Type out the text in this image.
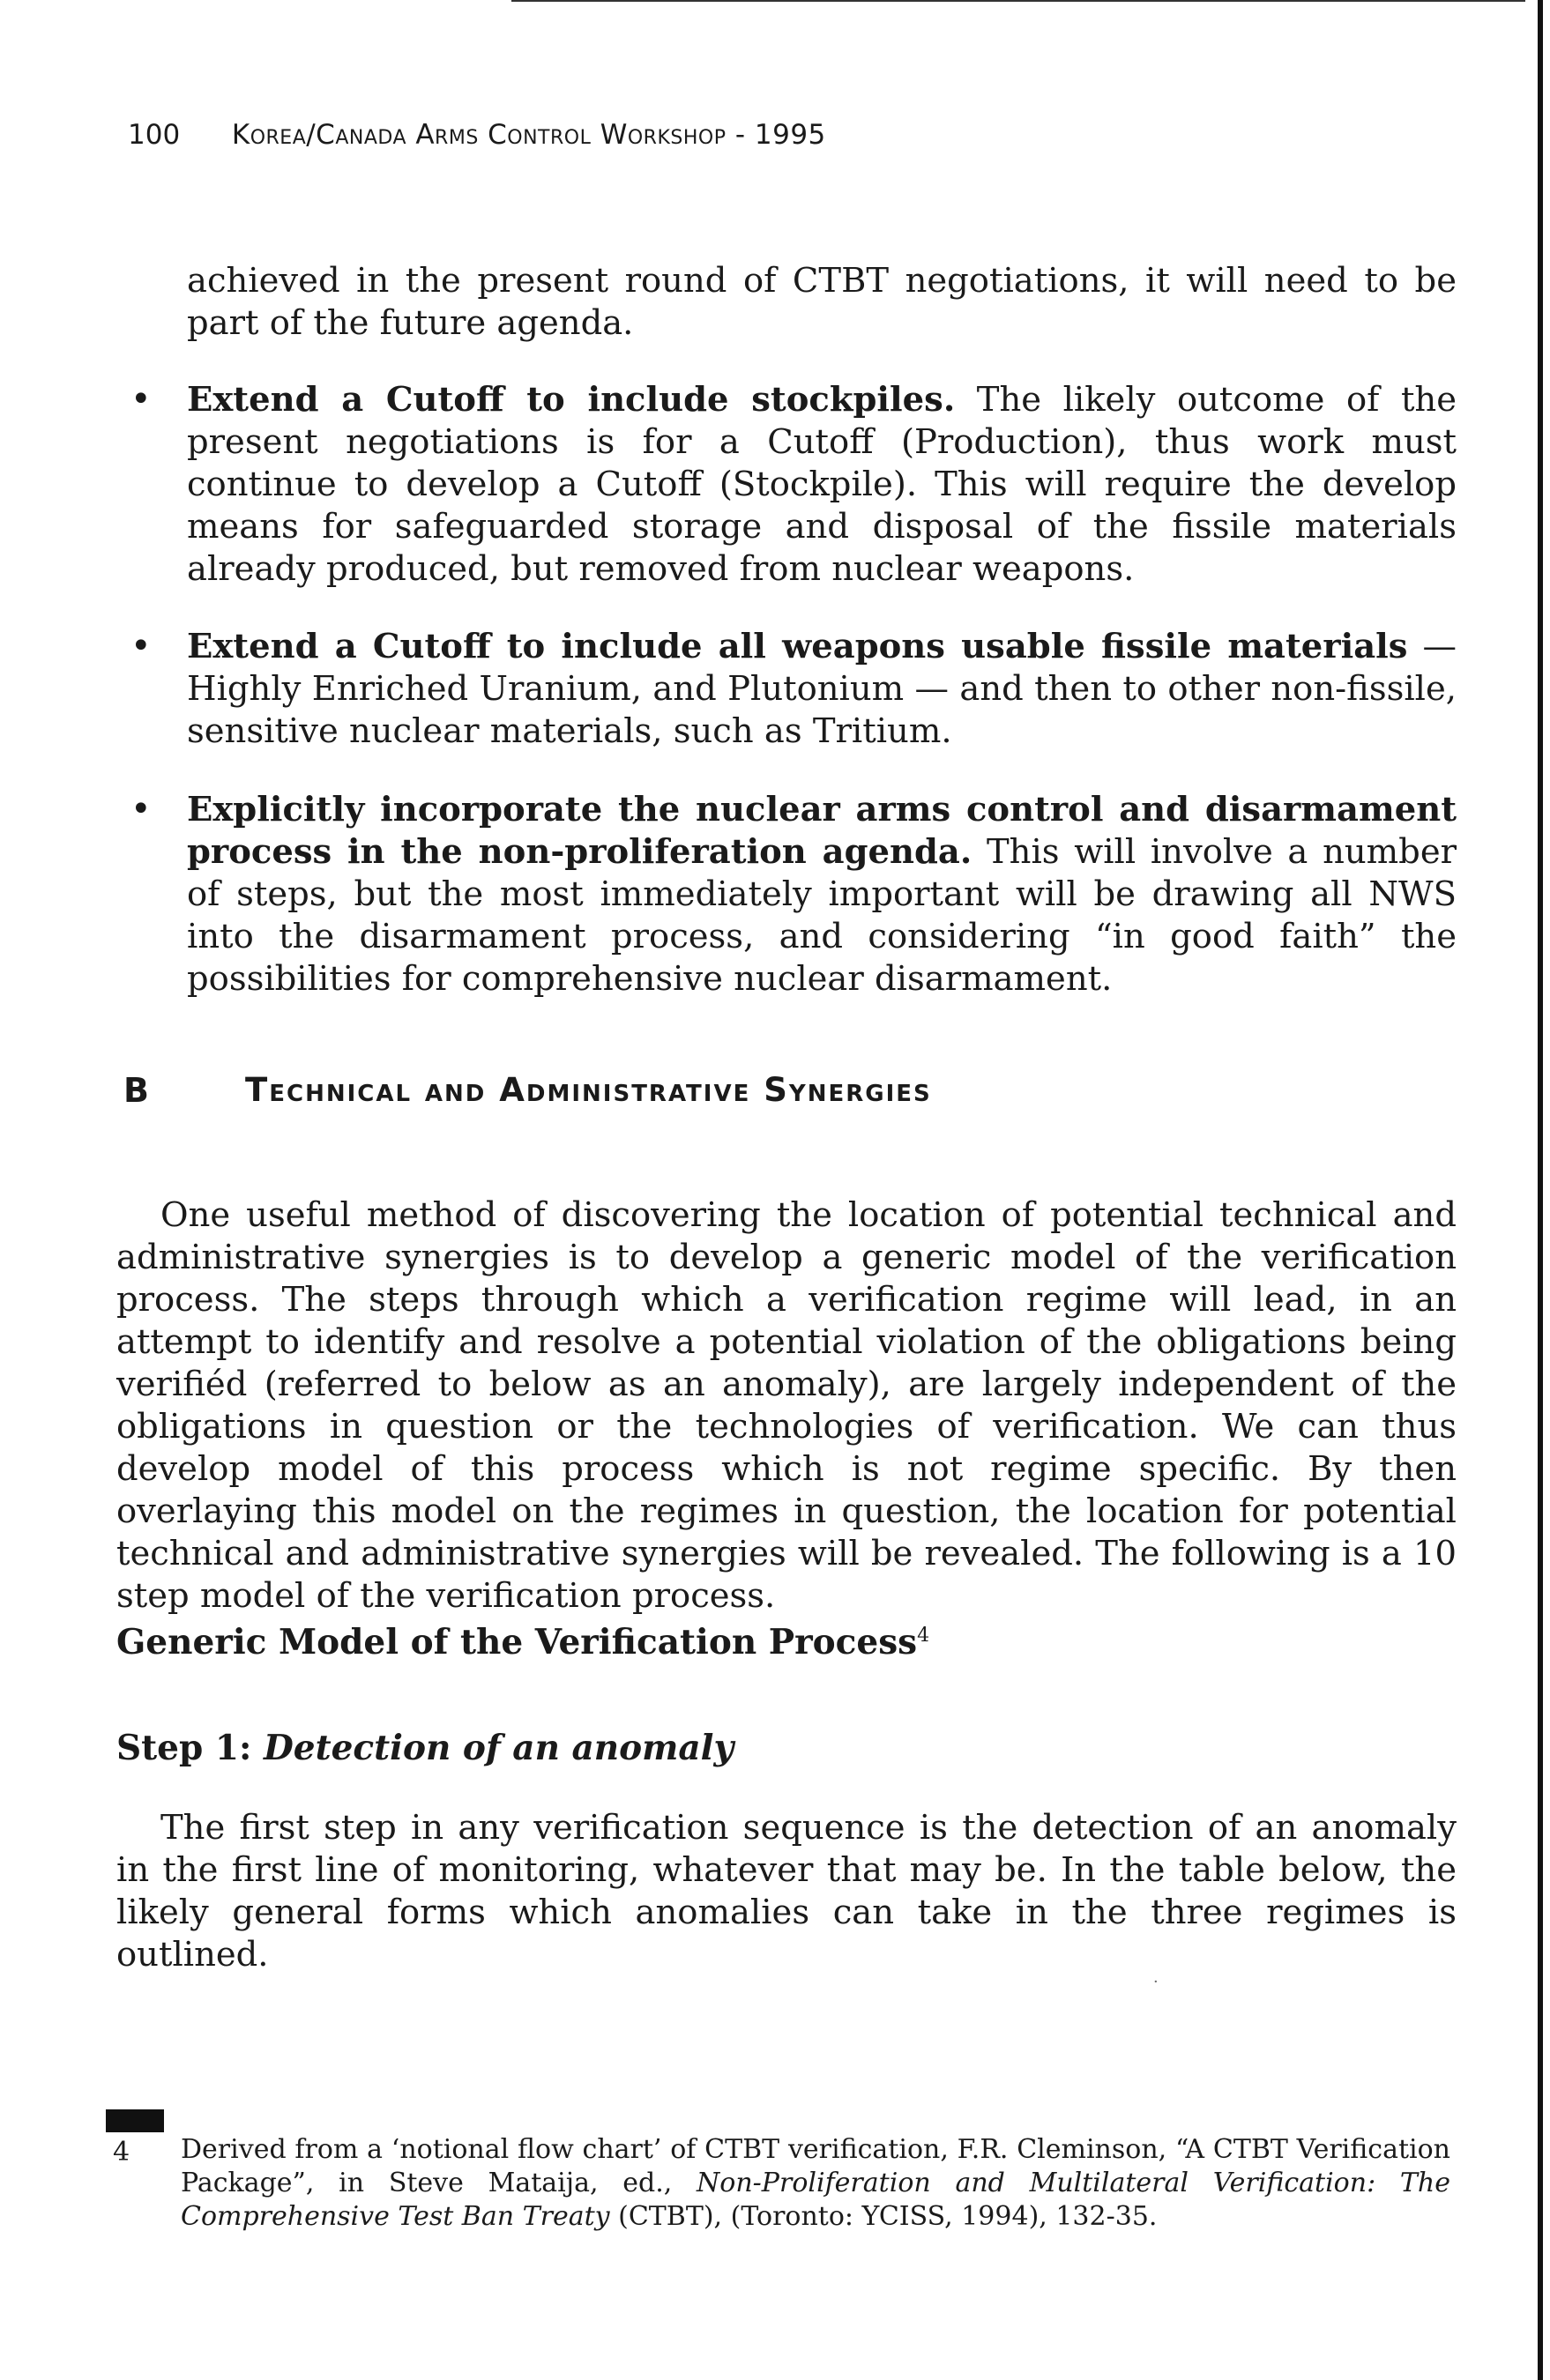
100 Korea/Canada Arms Control Workshop - 1995

achieved in the present round of CTBT negotiations, it will need to be part of the future agenda.

• Extend a Cutoff to include stockpiles. The likely outcome of the present negotiations is for a Cutoff (Production), thus work must continue to develop a Cutoff (Stockpile). This will require the develop means for safeguarded storage and disposal of the fissile materials already produced, but removed from nuclear weapons.

• Extend a Cutoff to include all weapons usable fissile materials — Highly Enriched Uranium, and Plutonium — and then to other non-fissile, sensitive nuclear materials, such as Tritium.

• Explicitly incorporate the nuclear arms control and disarmament process in the non-proliferation agenda. This will involve a number of steps, but the most immediately important will be drawing all NWS into the disarmament process, and considering “in good faith” the possibilities for comprehensive nuclear disarmament.

B	Technical and Administrative Synergies

One useful method of discovering the location of potential technical and administrative synergies is to develop a generic model of the verification process. The steps through which a verification regime will lead, in an attempt to identify and resolve a potential violation of the obligations being verifiéd (referred to below as an anomaly), are largely independent of the obligations in question or the technologies of verification. We can thus develop model of this process which is not regime specific. By then overlaying this model on the regimes in question, the location for potential technical and administrative synergies will be revealed. The following is a 10 step model of the verification process.

Generic Model of the Verification Process$^4$
Step 1: Detection of an anomaly

The first step in any verification sequence is the detection of an anomaly in the first line of monitoring, whatever that may be. In the table below, the likely general forms which anomalies can take in the three regimes is outlined.

·
4 Derived from a ‘notional flow chart’ of CTBT verification, F.R. Cleminson, “A CTBT Verification Package”, in Steve Mataija, ed., Non-Proliferation and Multilateral Verification: The Comprehensive Test Ban Treaty (CTBT), (Toronto: YCISS, 1994), 132-35.
